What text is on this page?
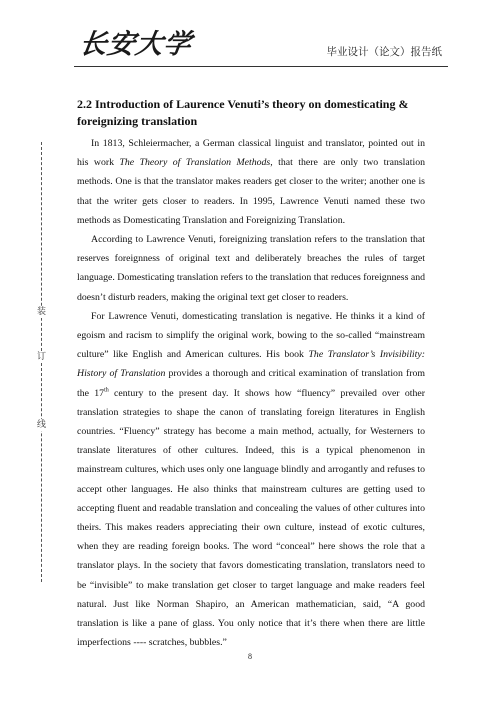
长安大学	毕业设计（论文）报告纸
装
订
线
2.2 Introduction of Laurence Venuti’s theory on domesticating & foreignizing translation

In 1813, Schleiermacher, a German classical linguist and translator, pointed out in his work The Theory of Translation Methods, that there are only two translation methods. One is that the translator makes readers get closer to the writer; another one is that the writer gets closer to readers. In 1995, Lawrence Venuti named these two methods as Domesticating Translation and Foreignizing Translation.

According to Lawrence Venuti, foreignizing translation refers to the translation that reserves foreignness of original text and deliberately breaches the rules of target language. Domesticating translation refers to the translation that reduces foreignness and doesn’t disturb readers, making the original text get closer to readers.

For Lawrence Venuti, domesticating translation is negative. He thinks it a kind of egoism and racism to simplify the original work, bowing to the so-called “mainstream culture” like English and American cultures. His book The Translator’s Invisibility: History of Translation provides a thorough and critical examination of translation from the 17th century to the present day. It shows how “fluency” prevailed over other translation strategies to shape the canon of translating foreign literatures in English countries. “Fluency” strategy has become a main method, actually, for Westerners to translate literatures of other cultures. Indeed, this is a typical phenomenon in mainstream cultures, which uses only one language blindly and arrogantly and refuses to accept other languages. He also thinks that mainstream cultures are getting used to accepting fluent and readable translation and concealing the values of other cultures into theirs. This makes readers appreciating their own culture, instead of exotic cultures, when they are reading foreign books. The word “conceal” here shows the role that a translator plays. In the society that favors domesticating translation, translators need to be “invisible” to make translation get closer to target language and make readers feel natural. Just like Norman Shapiro, an American mathematician, said, “A good translation is like a pane of glass. You only notice that it’s there when there are little imperfections ---- scratches, bubbles.”

8
